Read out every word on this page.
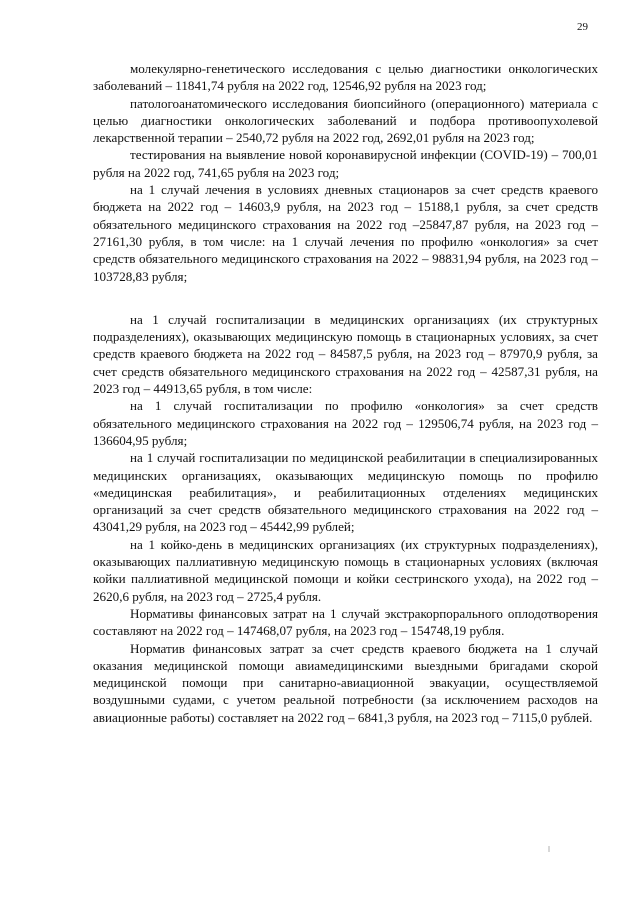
29

молекулярно-генетического исследования с целью диагностики онкологических заболеваний – 11841,74 рубля на 2022 год, 12546,92 рубля на 2023 год;

патологоанатомического исследования биопсийного (операционного) материала с целью диагностики онкологических заболеваний и подбора противоопухолевой лекарственной терапии – 2540,72 рубля на 2022 год, 2692,01 рубля на 2023 год;

тестирования на выявление новой коронавирусной инфекции (COVID-19) – 700,01 рубля на 2022 год, 741,65 рубля на 2023 год;

на 1 случай лечения в условиях дневных стационаров за счет средств краевого бюджета на 2022 год – 14603,9 рубля, на 2023 год – 15188,1 рубля, за счет средств обязательного медицинского страхования на 2022 год –25847,87 рубля, на 2023 год – 27161,30 рубля, в том числе: на 1 случай лечения по профилю «онкология» за счет средств обязательного медицинского страхования на 2022 – 98831,94 рубля, на 2023 год – 103728,83 рубля;

на 1 случай госпитализации в медицинских организациях (их структурных подразделениях), оказывающих медицинскую помощь в стационарных условиях, за счет средств краевого бюджета на 2022 год – 84587,5 рубля, на 2023 год – 87970,9 рубля, за счет средств обязательного медицинского страхования на 2022 год – 42587,31 рубля, на 2023 год – 44913,65 рубля, в том числе:

на 1 случай госпитализации по профилю «онкология» за счет средств обязательного медицинского страхования на 2022 год – 129506,74 рубля, на 2023 год – 136604,95 рубля;

на 1 случай госпитализации по медицинской реабилитации в специализированных медицинских организациях, оказывающих медицинскую помощь по профилю «медицинская реабилитация», и реабилитационных отделениях медицинских организаций за счет средств обязательного медицинского страхования на 2022 год – 43041,29 рубля, на 2023 год – 45442,99 рублей;

на 1 койко-день в медицинских организациях (их структурных подразделениях), оказывающих паллиативную медицинскую помощь в стационарных условиях (включая койки паллиативной медицинской помощи и койки сестринского ухода), на 2022 год – 2620,6 рубля, на 2023 год – 2725,4 рубля.

Нормативы финансовых затрат на 1 случай экстракорпорального оплодотворения составляют на 2022 год – 147468,07 рубля, на 2023 год – 154748,19 рубля.

Норматив финансовых затрат за счет средств краевого бюджета на 1 случай оказания медицинской помощи авиамедицинскими выездными бригадами скорой медицинской помощи при санитарно-авиационной эвакуации, осуществляемой воздушными судами, с учетом реальной потребности (за исключением расходов на авиационные работы) составляет на 2022 год – 6841,3 рубля, на 2023 год – 7115,0 рублей.
